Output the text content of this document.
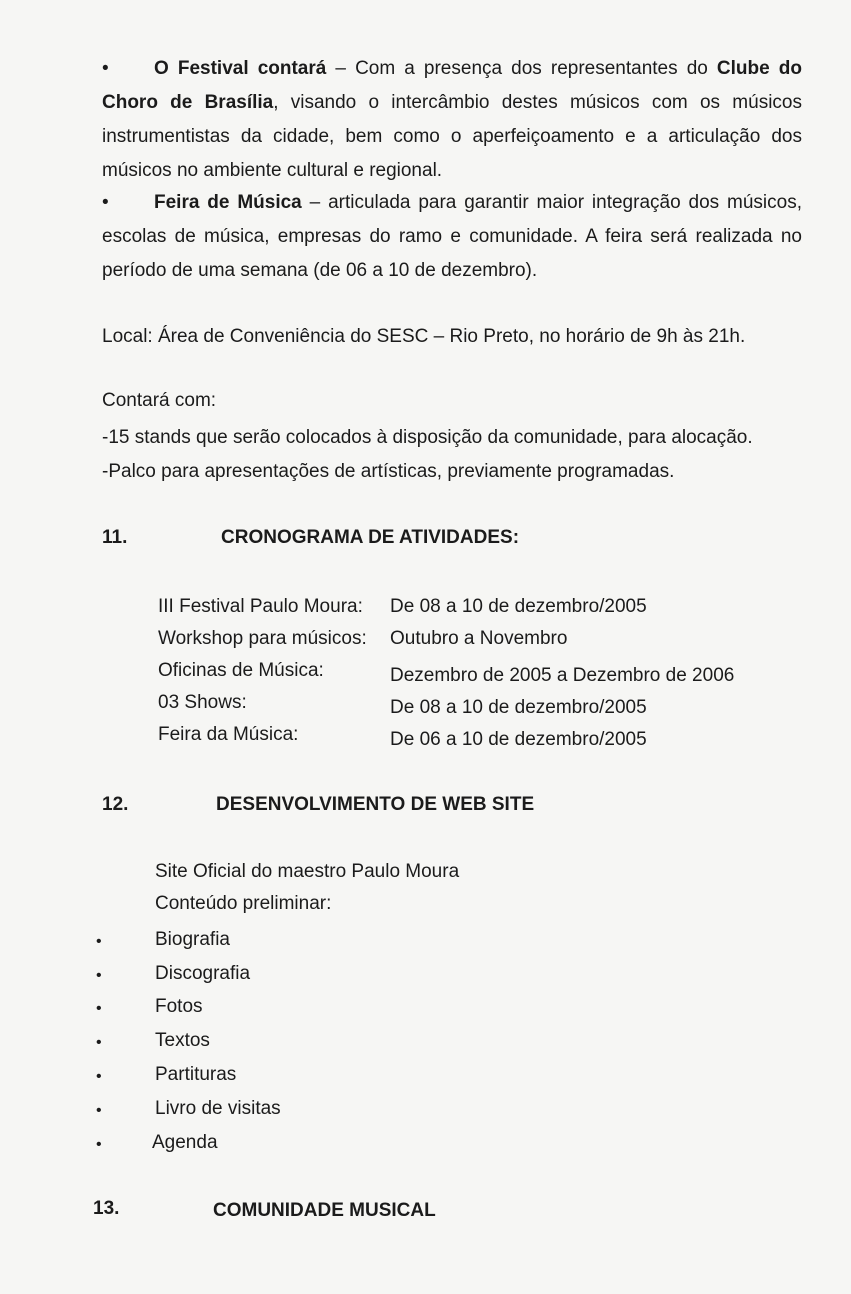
• O Festival contará – Com a presença dos representantes do Clube do Choro de Brasília, visando o intercâmbio destes músicos com os músicos instrumentistas da cidade, bem como o aperfeiçoamento e a articulação dos músicos no ambiente cultural e regional.
• Feira de Música – articulada para garantir maior integração dos músicos, escolas de música, empresas do ramo e comunidade. A feira será realizada no período de uma semana (de 06 a 10 de dezembro).
Local: Área de Conveniência do SESC – Rio Preto, no horário de 9h às 21h.
Contará com:
-15 stands que serão colocados à disposição da comunidade, para alocação.
-Palco para apresentações de artísticas, previamente programadas.
11.	CRONOGRAMA DE ATIVIDADES:
III Festival Paulo Moura: De 08 a 10 de dezembro/2005
Workshop para músicos: Outubro a Novembro
Oficinas de Música:	Dezembro de 2005 a Dezembro de 2006
03 Shows:	De 08 a 10 de dezembro/2005
Feira da Música:	De 06 a 10 de dezembro/2005
12.	DESENVOLVIMENTO DE WEB SITE
Site Oficial do maestro Paulo Moura
Conteúdo preliminar:
•	Biografia
•	Discografia
•	Fotos
•	Textos
•	Partituras
•	Livro de visitas
•	Agenda
13.	COMUNIDADE MUSICAL
